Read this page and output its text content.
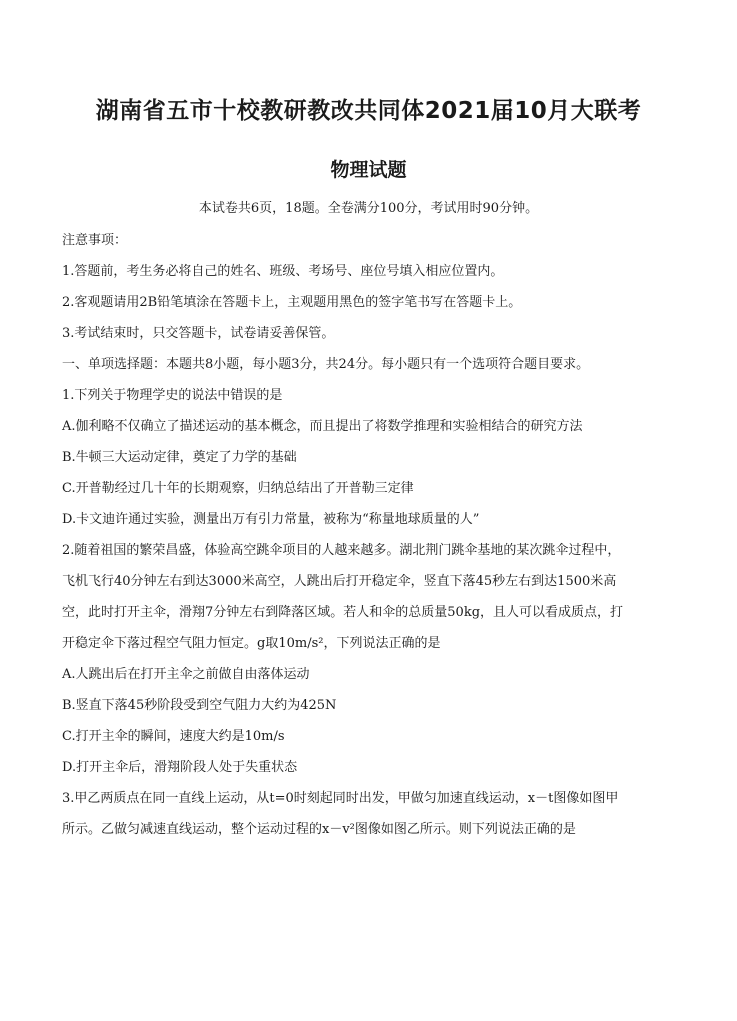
湖南省五市十校教研教改共同体2021届10月大联考
物理试题
本试卷共6页，18题。全卷满分100分，考试用时90分钟。
注意事项：
1.答题前，考生务必将自己的姓名、班级、考场号、座位号填入相应位置内。
2.客观题请用2B铅笔填涂在答题卡上，主观题用黑色的签字笔书写在答题卡上。
3.考试结束时，只交答题卡，试卷请妥善保管。
一、单项选择题：本题共8小题，每小题3分，共24分。每小题只有一个选项符合题目要求。
1.下列关于物理学史的说法中错误的是
A.伽利略不仅确立了描述运动的基本概念，而且提出了将数学推理和实验相结合的研究方法
B.牛顿三大运动定律，奠定了力学的基础
C.开普勒经过几十年的长期观察，归纳总结出了开普勒三定律
D.卡文迪许通过实验，测量出万有引力常量，被称为“称量地球质量的人”
2.随着祖国的繁荣昌盛，体验高空跳伞项目的人越来越多。湖北荆门跳伞基地的某次跳伞过程中，
飞机飞行40分钟左右到达3000米高空，人跳出后打开稳定伞，竖直下落45秒左右到达1500米高
空，此时打开主伞，滑翔7分钟左右到降落区域。若人和伞的总质量50kg，且人可以看成质点，打
开稳定伞下落过程空气阻力恒定。g取10m/s²，下列说法正确的是
A.人跳出后在打开主伞之前做自由落体运动
B.竖直下落45秒阶段受到空气阻力大约为425N
C.打开主伞的瞬间，速度大约是10m/s
D.打开主伞后，滑翔阶段人处于失重状态
3.甲乙两质点在同一直线上运动，从t=0时刻起同时出发，甲做匀加速直线运动，x－t图像如图甲
所示。乙做匀减速直线运动，整个运动过程的x－v²图像如图乙所示。则下列说法正确的是
